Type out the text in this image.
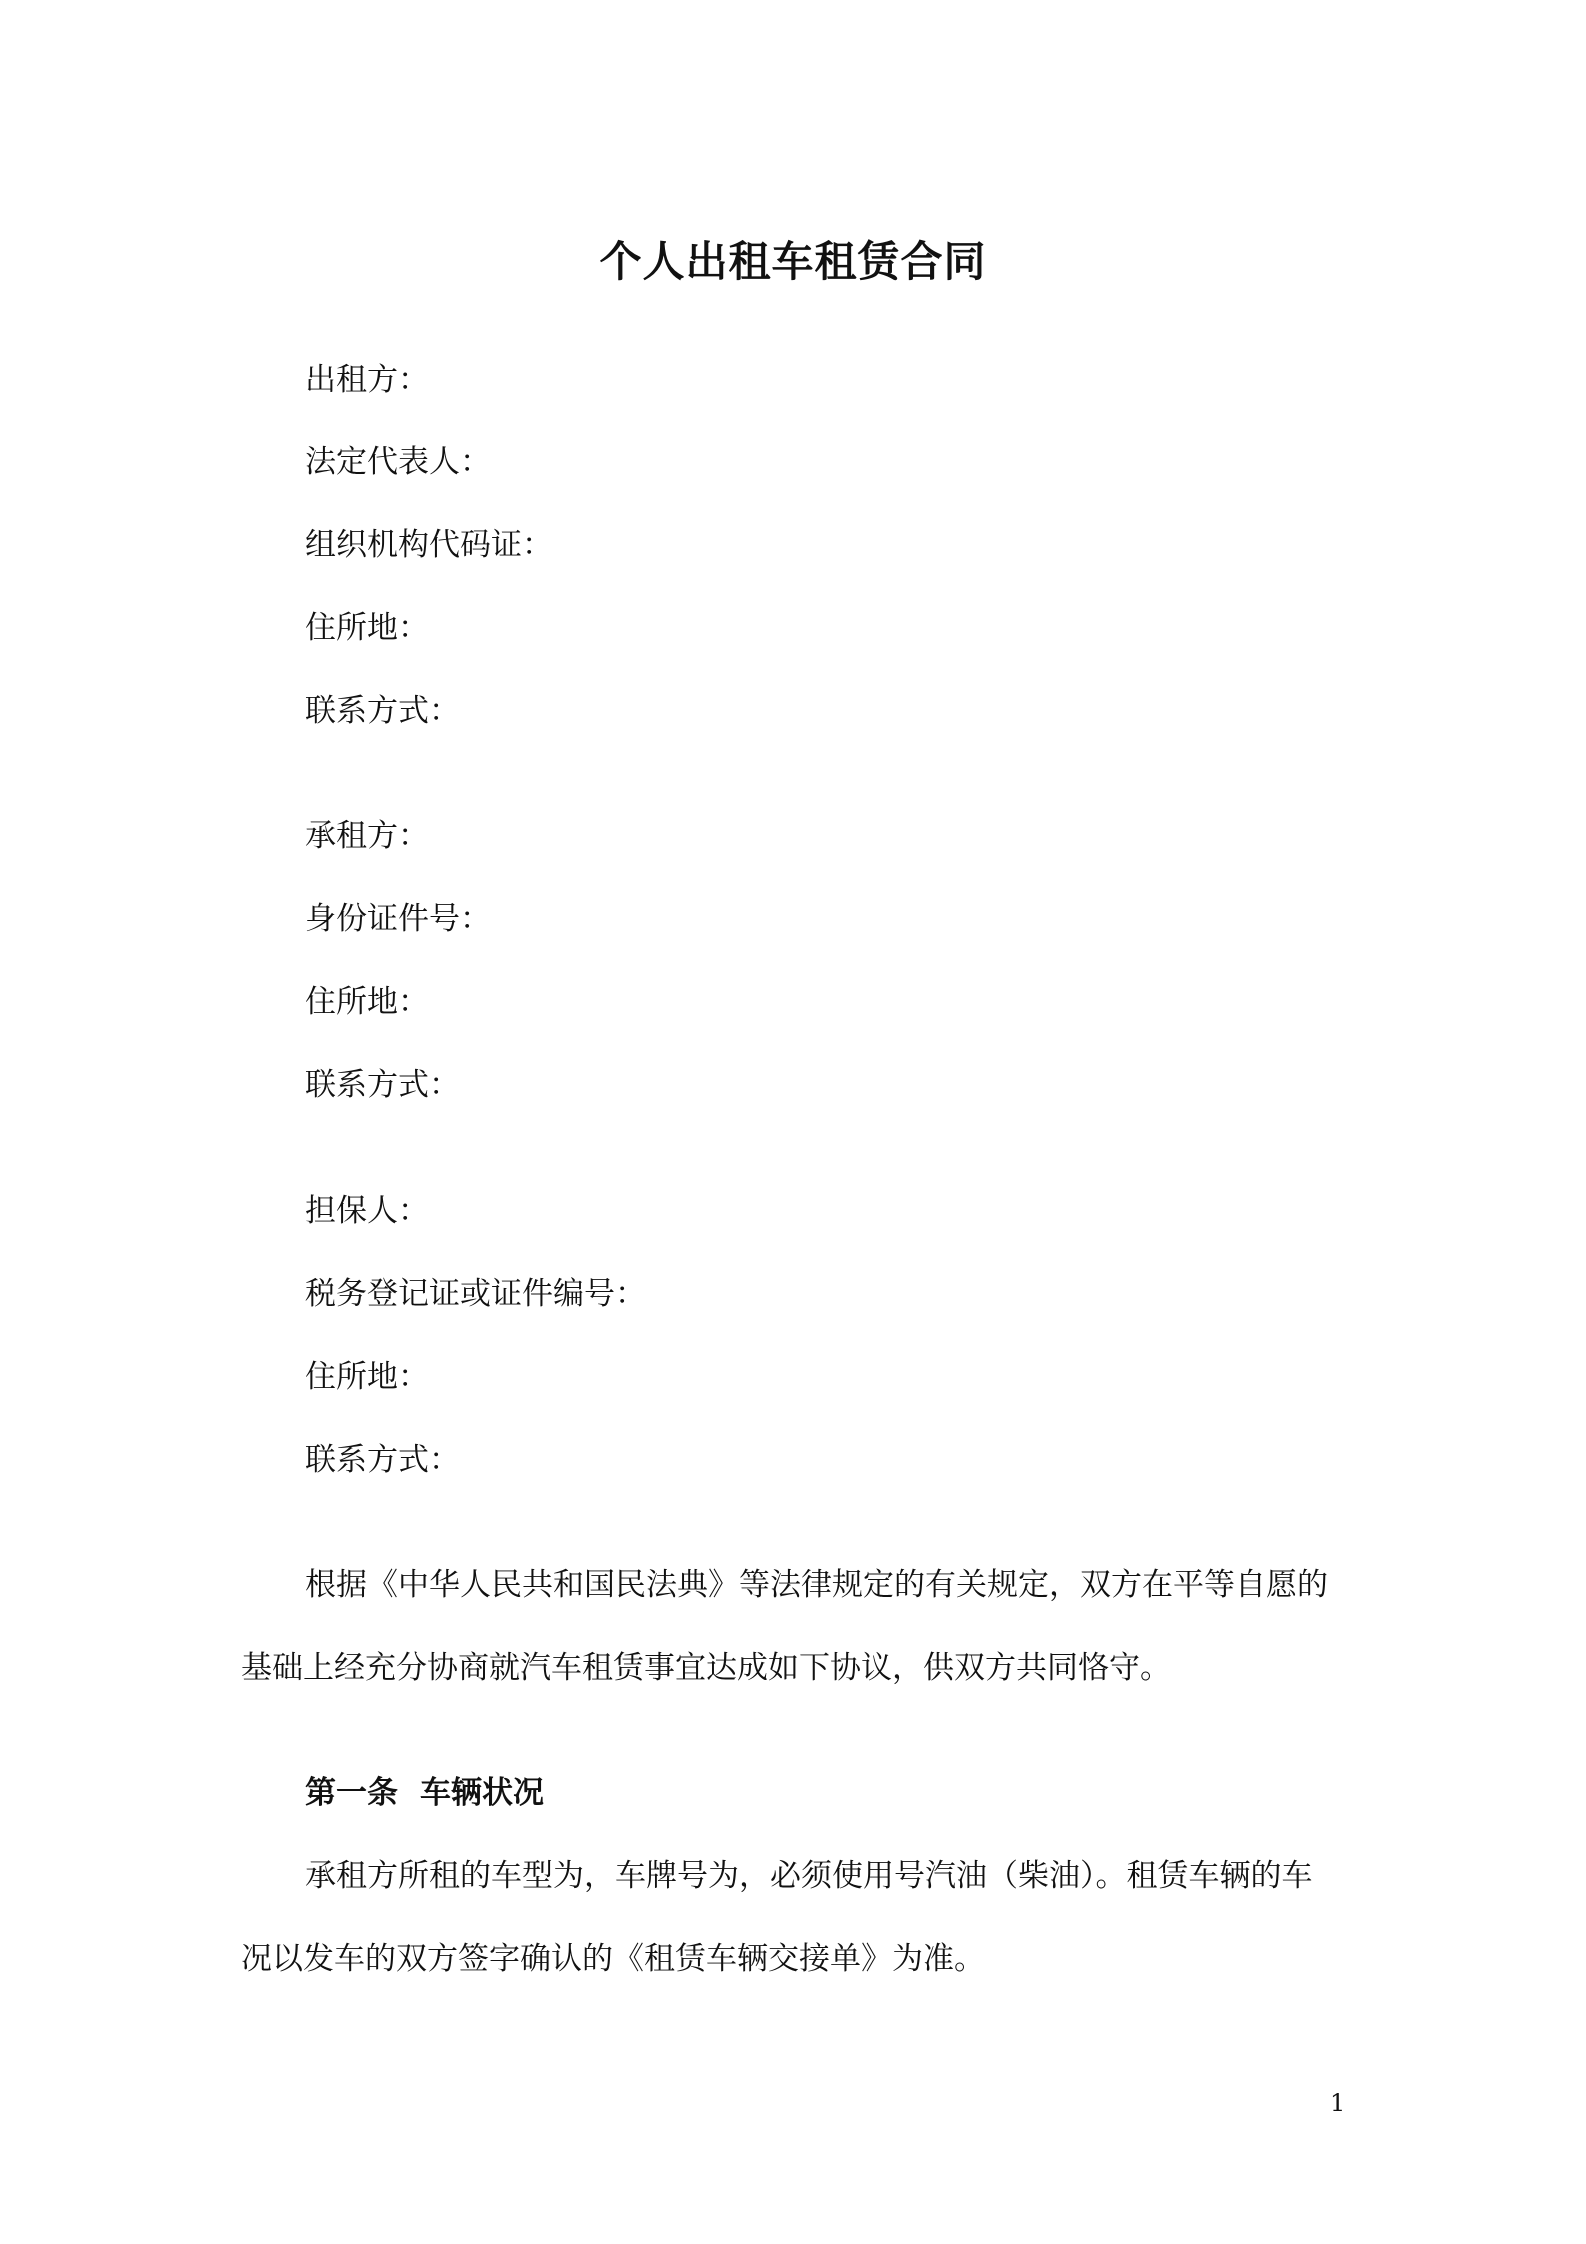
个人出租车租赁合同
出租方：
法定代表人：
组织机构代码证：
住所地：
联系方式：
承租方：
身份证件号：
住所地：
联系方式：
担保人：
税务登记证或证件编号：
住所地：
联系方式：
根据《中华人民共和国民法典》等法律规定的有关规定，双方在平等自愿的
基础上经充分协商就汽车租赁事宜达成如下协议，供双方共同恪守。
第一条 车辆状况
承租方所租的车型为，车牌号为，必须使用号汽油（柴油）。租赁车辆的车
况以发车的双方签字确认的《租赁车辆交接单》为准。
1
